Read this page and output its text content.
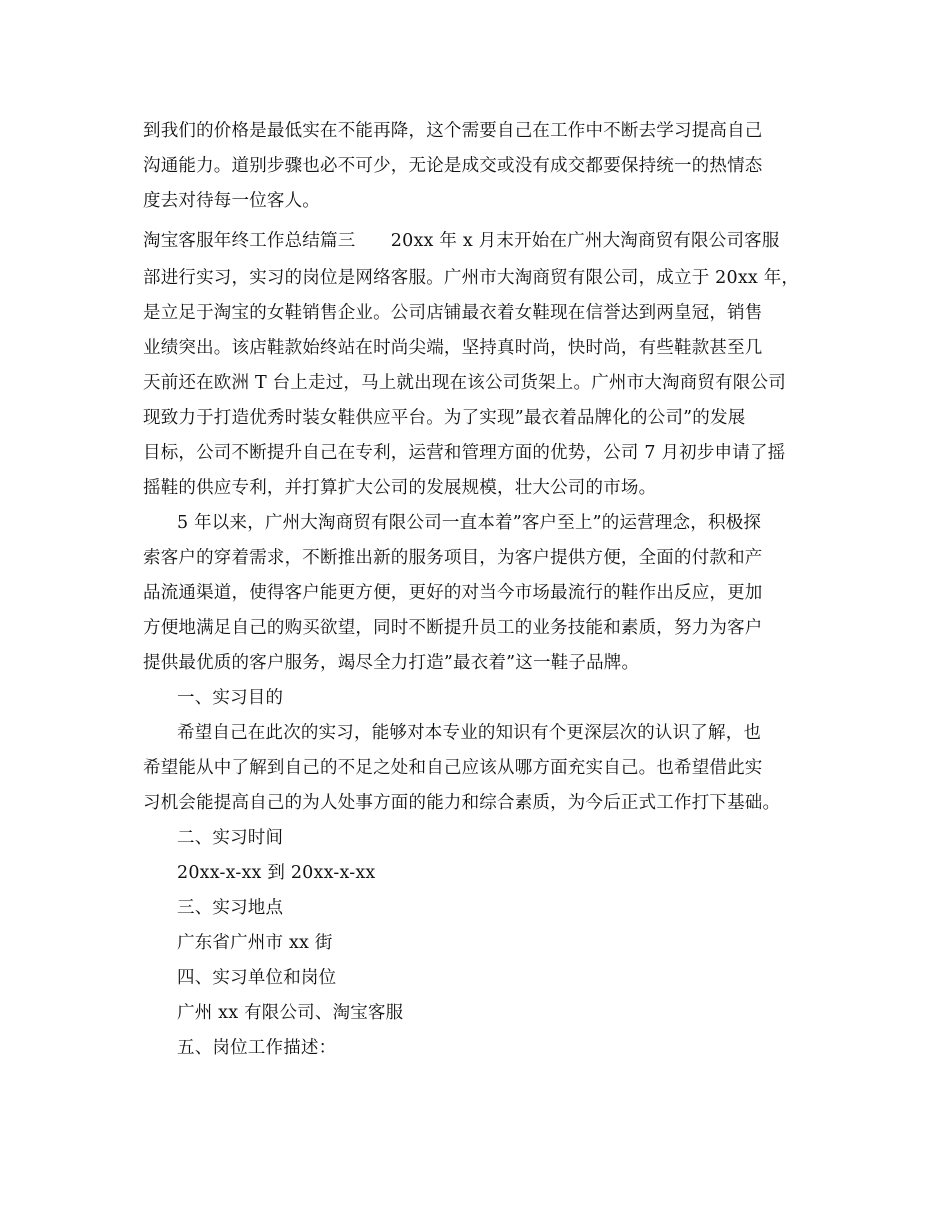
到我们的价格是最低实在不能再降，这个需要自己在工作中不断去学习提高自己
沟通能力。道别步骤也必不可少，无论是成交或没有成交都要保持统一的热情态
度去对待每一位客人。
淘宝客服年终工作总结篇三　　20xx 年 x 月末开始在广州大淘商贸有限公司客服
部进行实习，实习的岗位是网络客服。广州市大淘商贸有限公司，成立于 20xx 年，
是立足于淘宝的女鞋销售企业。公司店铺最衣着女鞋现在信誉达到两皇冠，销售
业绩突出。该店鞋款始终站在时尚尖端，坚持真时尚，快时尚，有些鞋款甚至几
天前还在欧洲 T 台上走过，马上就出现在该公司货架上。广州市大淘商贸有限公司
现致力于打造优秀时装女鞋供应平台。为了实现”最衣着品牌化的公司”的发展
目标，公司不断提升自己在专利，运营和管理方面的优势，公司 7 月初步申请了摇
摇鞋的供应专利，并打算扩大公司的发展规模，壮大公司的市场。
5 年以来，广州大淘商贸有限公司一直本着”客户至上”的运营理念，积极探
索客户的穿着需求，不断推出新的服务项目，为客户提供方便，全面的付款和产
品流通渠道，使得客户能更方便，更好的对当今市场最流行的鞋作出反应，更加
方便地满足自己的购买欲望，同时不断提升员工的业务技能和素质，努力为客户
提供最优质的客户服务，竭尽全力打造”最衣着”这一鞋子品牌。
一、实习目的
希望自己在此次的实习，能够对本专业的知识有个更深层次的认识了解，也
希望能从中了解到自己的不足之处和自己应该从哪方面充实自己。也希望借此实
习机会能提高自己的为人处事方面的能力和综合素质，为今后正式工作打下基础。
二、实习时间
20xx-x-xx 到 20xx-x-xx
三、实习地点
广东省广州市 xx 街
四、实习单位和岗位
广州 xx 有限公司、淘宝客服
五、岗位工作描述：
